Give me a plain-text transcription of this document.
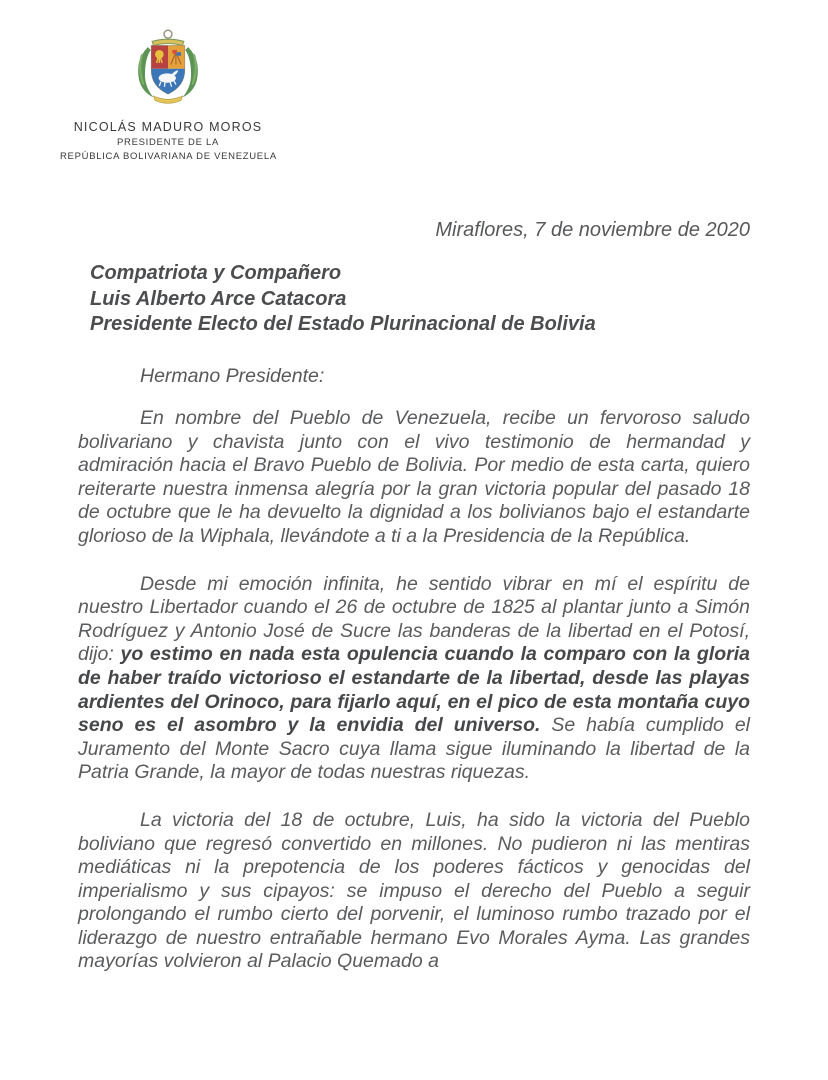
NICOLÁS MADURO MOROS
PRESIDENTE DE LA
REPÚBLICA BOLIVARIANA DE VENEZUELA
Miraflores, 7 de noviembre de 2020
Compatriota y Compañero
Luis Alberto Arce Catacora
Presidente Electo del Estado Plurinacional de Bolivia
Hermano Presidente:

En nombre del Pueblo de Venezuela, recibe un fervoroso saludo bolivariano y chavista junto con el vivo testimonio de hermandad y admiración hacia el Bravo Pueblo de Bolivia. Por medio de esta carta, quiero reiterarte nuestra inmensa alegría por la gran victoria popular del pasado 18 de octubre que le ha devuelto la dignidad a los bolivianos bajo el estandarte glorioso de la Wiphala, llevándote a ti a la Presidencia de la República.

Desde mi emoción infinita, he sentido vibrar en mí el espíritu de nuestro Libertador cuando el 26 de octubre de 1825 al plantar junto a Simón Rodríguez y Antonio José de Sucre las banderas de la libertad en el Potosí, dijo: yo estimo en nada esta opulencia cuando la comparo con la gloria de haber traído victorioso el estandarte de la libertad, desde las playas ardientes del Orinoco, para fijarlo aquí, en el pico de esta montaña cuyo seno es el asombro y la envidia del universo. Se había cumplido el Juramento del Monte Sacro cuya llama sigue iluminando la libertad de la Patria Grande, la mayor de todas nuestras riquezas.

La victoria del 18 de octubre, Luis, ha sido la victoria del Pueblo boliviano que regresó convertido en millones. No pudieron ni las mentiras mediáticas ni la prepotencia de los poderes fácticos y genocidas del imperialismo y sus cipayos: se impuso el derecho del Pueblo a seguir prolongando el rumbo cierto del porvenir, el luminoso rumbo trazado por el liderazgo de nuestro entrañable hermano Evo Morales Ayma. Las grandes mayorías volvieron al Palacio Quemado a
